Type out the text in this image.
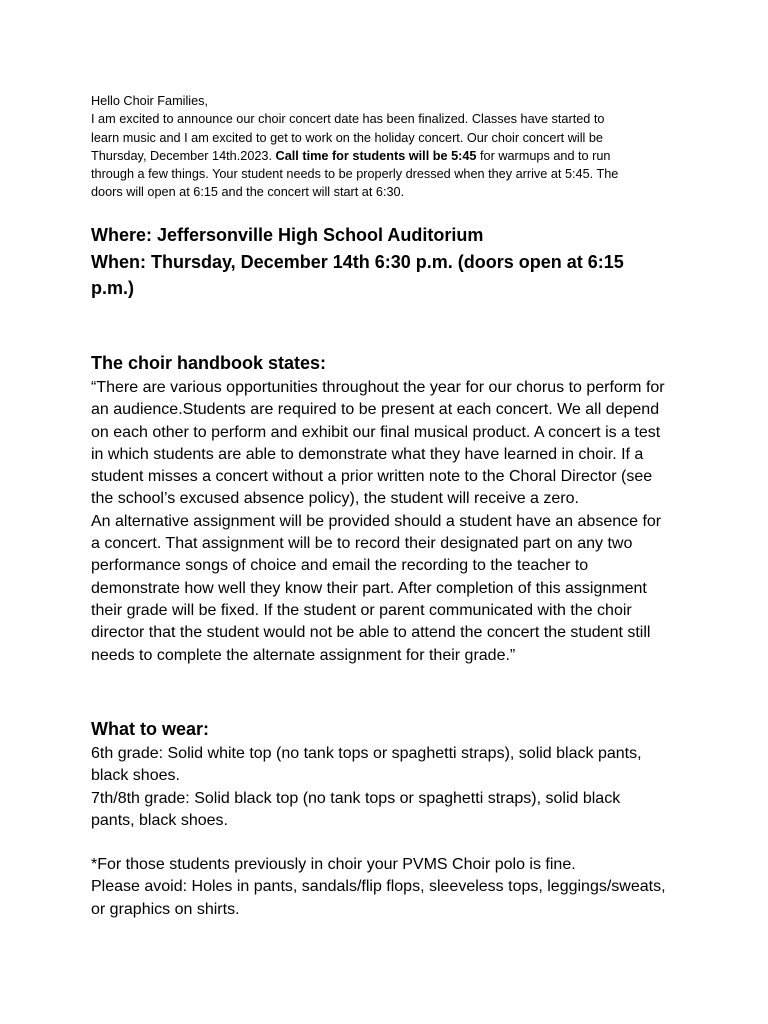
Hello Choir Families,
I am excited to announce our choir concert date has been finalized. Classes have started to
learn music and I am excited to get to work on the holiday concert. Our choir concert will be
Thursday, December 14th.2023. Call time for students will be 5:45 for warmups and to run
through a few things. Your student needs to be properly dressed when they arrive at 5:45. The
doors will open at 6:15 and the concert will start at 6:30.
Where: Jeffersonville High School Auditorium
When: Thursday, December 14th 6:30 p.m. (doors open at 6:15
p.m.)
The choir handbook states:
“There are various opportunities throughout the year for our chorus to perform for
an audience.Students are required to be present at each concert. We all depend
on each other to perform and exhibit our final musical product. A concert is a test
in which students are able to demonstrate what they have learned in choir. If a
student misses a concert without a prior written note to the Choral Director (see
the school’s excused absence policy), the student will receive a zero.
An alternative assignment will be provided should a student have an absence for
a concert. That assignment will be to record their designated part on any two
performance songs of choice and email the recording to the teacher to
demonstrate how well they know their part. After completion of this assignment
their grade will be fixed. If the student or parent communicated with the choir
director that the student would not be able to attend the concert the student still
needs to complete the alternate assignment for their grade.”
What to wear:
6th grade: Solid white top (no tank tops or spaghetti straps), solid black pants,
black shoes.
7th/8th grade: Solid black top (no tank tops or spaghetti straps), solid black
pants, black shoes.
*For those students previously in choir your PVMS Choir polo is fine.
Please avoid: Holes in pants, sandals/flip flops, sleeveless tops, leggings/sweats,
or graphics on shirts.
